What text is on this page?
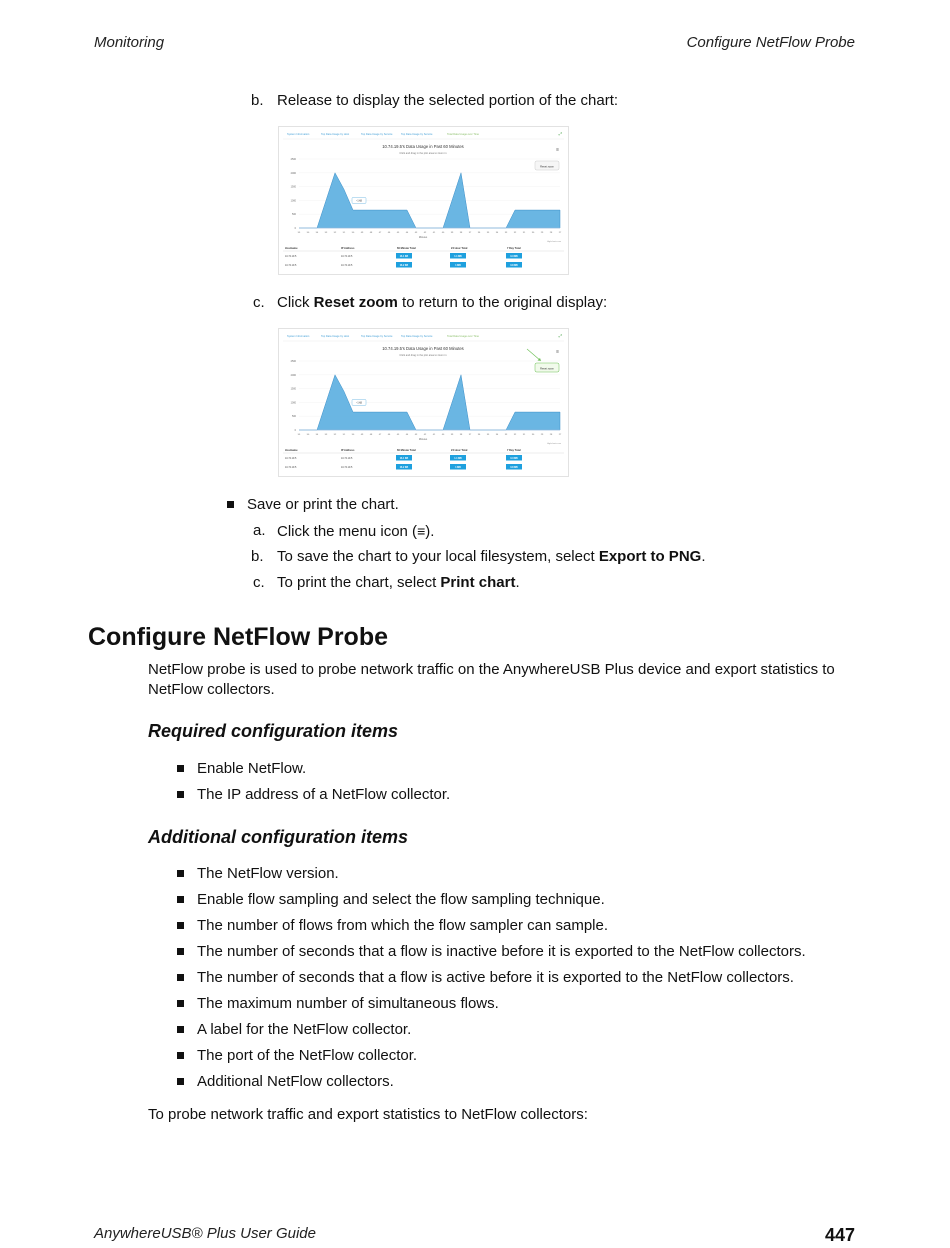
Monitoring	Configure NetFlow Probe
b. Release to display the selected portion of the chart:
System Information	Top Data Usage by Host	Top Data Usage by Service	Top Data Usage by Service	Total Data Usage over Time	⤢
10.74.19.5's Data Usage in Past 60 Minutes
Click and drag in the plot area to zoom in
≡
Reset zoom
2500
2000
1500
1000
500
0
~1 kB
55	50	54	53	52	51	50	49	48	47	46	45	44	43	42	41	40	39	38	37	36	35	34	33	32	31	30	29	28	27
Minutes
Highcharts.com
Hostname	IP Address	60 Minute Total	24 Hour Total	7 Day Total
10.74.19.5	10.74.19.5	16.1 KB	1.1 MB	3.3 MB
10.74.19.5	10.74.19.5	16.2 KB	1 MB	3.8 MB
c. Click Reset zoom to return to the original display:
System Information	Top Data Usage by Host	Top Data Usage by Service	Top Data Usage by Service	Total Data Usage over Time	⤢
10.74.19.5's Data Usage in Past 60 Minutes
Click and drag in the plot area to zoom in
≡
Reset zoom
2500
2000
1500
1000
500
0
~1 kB
55	50	54	53	52	51	50	49	48	47	46	45	44	43	42	41	40	39	38	37	36	35	34	33	32	31	30	29	28	27
Minutes
Highcharts.com
Hostname	IP Address	60 Minute Total	24 Hour Total	7 Day Total
10.74.19.5	10.74.19.5	16.1 KB	1.1 MB	3.3 MB
10.74.19.5	10.74.19.5	16.2 KB	1 MB	3.8 MB
Save or print the chart.
a. Click the menu icon (≡).
b. To save the chart to your local filesystem, select Export to PNG.
c. To print the chart, select Print chart.
Configure NetFlow Probe
NetFlow probe is used to probe network traffic on the AnywhereUSB Plus device and export statistics to NetFlow collectors.
Required configuration items
Enable NetFlow.
The IP address of a NetFlow collector.
Additional configuration items
The NetFlow version.
Enable flow sampling and select the flow sampling technique.
The number of flows from which the flow sampler can sample.
The number of seconds that a flow is inactive before it is exported to the NetFlow collectors.
The number of seconds that a flow is active before it is exported to the NetFlow collectors.
The maximum number of simultaneous flows.
A label for the NetFlow collector.
The port of the NetFlow collector.
Additional NetFlow collectors.
To probe network traffic and export statistics to NetFlow collectors:
AnywhereUSB® Plus User Guide	447
